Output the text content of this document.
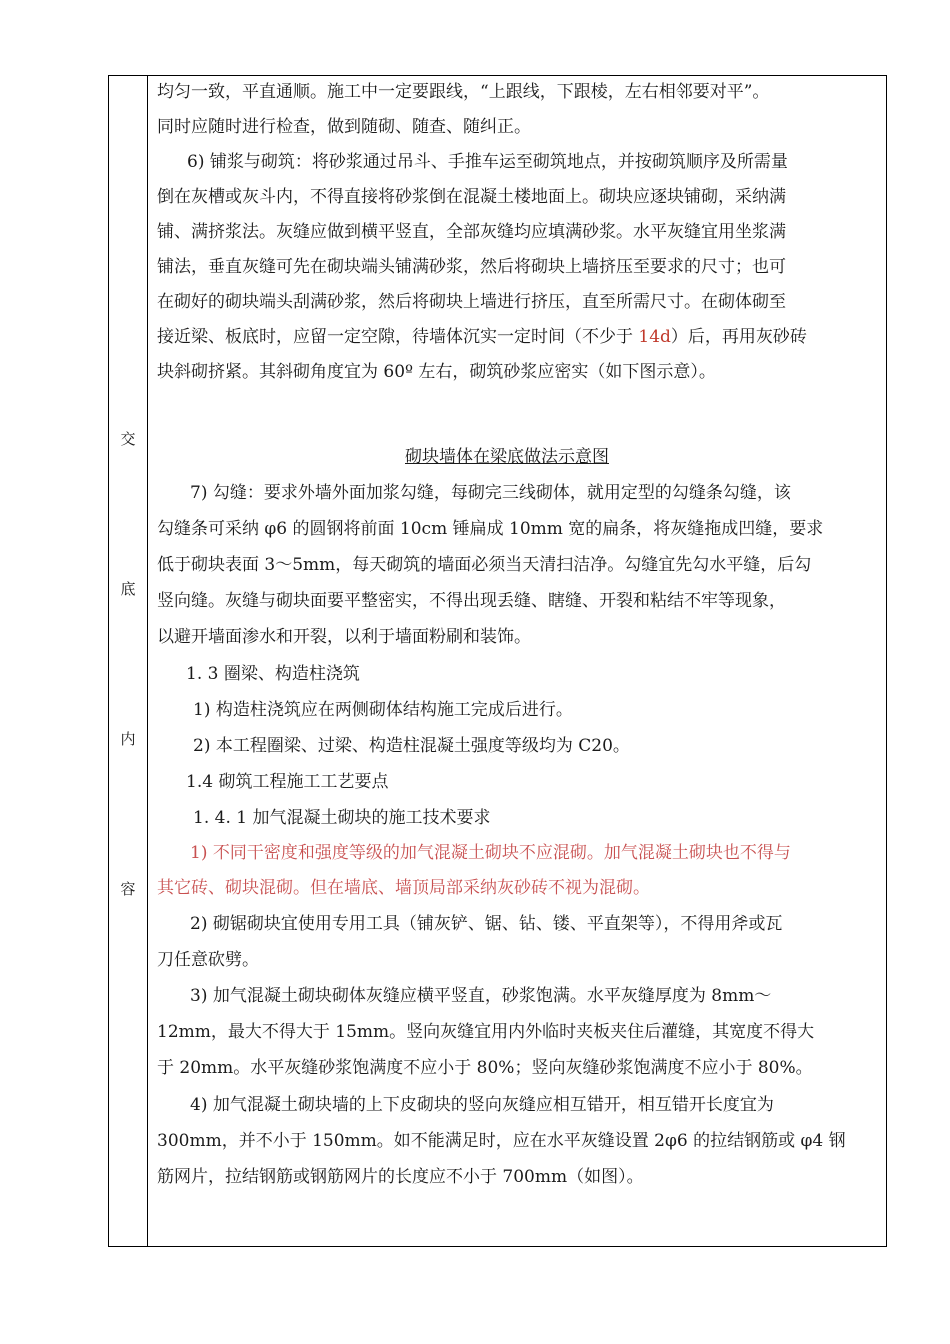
交
底
内
容
均匀一致，平直通顺。施工中一定要跟线，“上跟线，下跟棱，左右相邻要对平”。
同时应随时进行检查，做到随砌、随查、随纠正。
6) 铺浆与砌筑：将砂浆通过吊斗、手推车运至砌筑地点，并按砌筑顺序及所需量
倒在灰槽或灰斗内，不得直接将砂浆倒在混凝土楼地面上。砌块应逐块铺砌，采纳满
铺、满挤浆法。灰缝应做到横平竖直，全部灰缝均应填满砂浆。水平灰缝宜用坐浆满
铺法，垂直灰缝可先在砌块端头铺满砂浆，然后将砌块上墙挤压至要求的尺寸；也可
在砌好的砌块端头刮满砂浆，然后将砌块上墙进行挤压，直至所需尺寸。在砌体砌至
接近梁、板底时，应留一定空隙，待墙体沉实一定时间（不少于 14d）后，再用灰砂砖
块斜砌挤紧。其斜砌角度宜为 60º 左右，砌筑砂浆应密实（如下图示意）。
砌块墙体在梁底做法示意图
7) 勾缝：要求外墙外面加浆勾缝，每砌完三线砌体，就用定型的勾缝条勾缝，该
勾缝条可采纳 φ6 的圆钢将前面 10cm 锤扁成 10mm 宽的扁条，将灰缝拖成凹缝，要求
低于砌块表面 3～5mm，每天砌筑的墙面必须当天清扫洁净。勾缝宜先勾水平缝，后勾
竖向缝。灰缝与砌块面要平整密实，不得出现丢缝、瞎缝、开裂和粘结不牢等现象，
以避开墙面渗水和开裂，以利于墙面粉刷和装饰。
1. 3 圈梁、构造柱浇筑
1) 构造柱浇筑应在两侧砌体结构施工完成后进行。
2) 本工程圈梁、过梁、构造柱混凝土强度等级均为 C20。
1.4 砌筑工程施工工艺要点
1. 4. 1 加气混凝土砌块的施工技术要求
1) 不同干密度和强度等级的加气混凝土砌块不应混砌。加气混凝土砌块也不得与
其它砖、砌块混砌。但在墙底、墙顶局部采纳灰砂砖不视为混砌。
2) 砌锯砌块宜使用专用工具（铺灰铲、锯、钻、镂、平直架等），不得用斧或瓦
刀任意砍劈。
3) 加气混凝土砌块砌体灰缝应横平竖直，砂浆饱满。水平灰缝厚度为 8mm～
12mm，最大不得大于 15mm。竖向灰缝宜用内外临时夹板夹住后灌缝，其宽度不得大
于 20mm。水平灰缝砂浆饱满度不应小于 80%；竖向灰缝砂浆饱满度不应小于 80%。
4) 加气混凝土砌块墙的上下皮砌块的竖向灰缝应相互错开，相互错开长度宜为
300mm，并不小于 150mm。如不能满足时，应在水平灰缝设置 2φ6 的拉结钢筋或 φ4 钢
筋网片，拉结钢筋或钢筋网片的长度应不小于 700mm（如图）。
